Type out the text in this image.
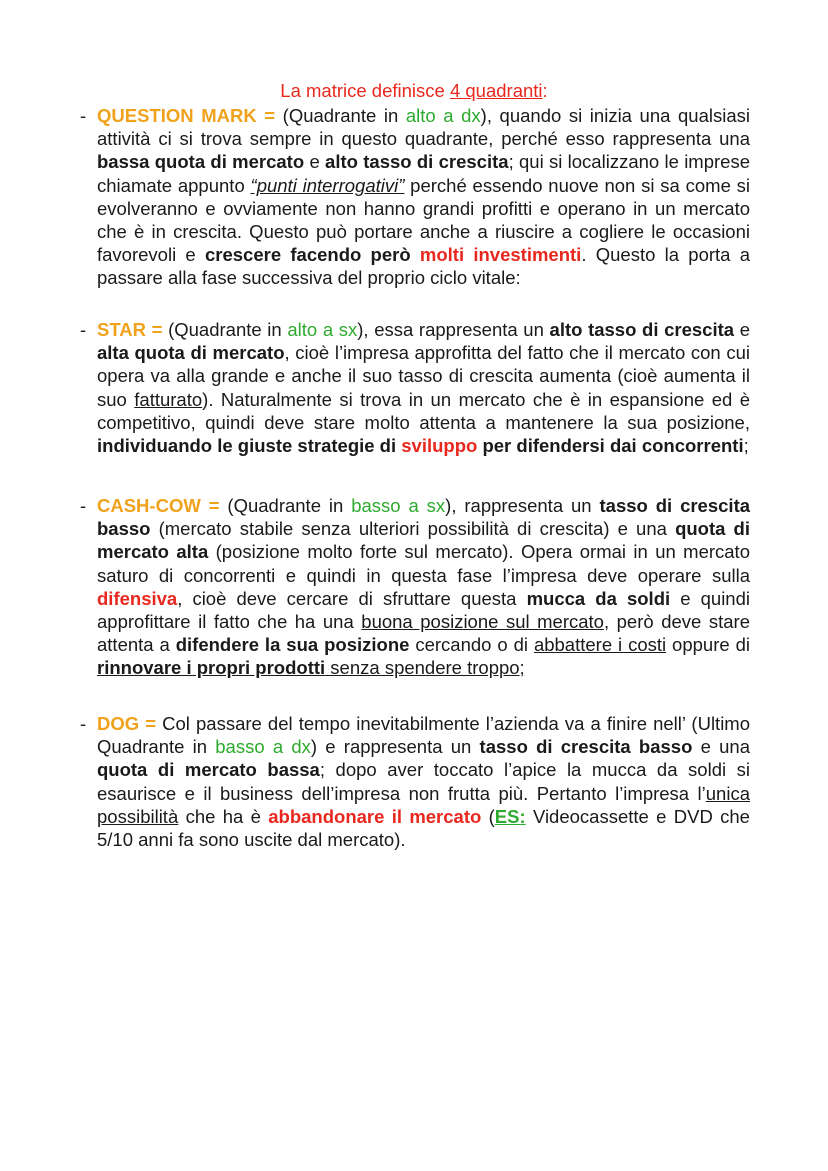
La matrice definisce 4 quadranti:
- QUESTION MARK = (Quadrante in alto a dx), quando si inizia una qualsiasi attività ci si trova sempre in questo quadrante, perché esso rappresenta una bassa quota di mercato e alto tasso di crescita; qui si localizzano le imprese chiamate appunto “punti interrogativi” perché essendo nuove non si sa come si evolveranno e ovviamente non hanno grandi profitti e operano in un mercato che è in crescita. Questo può portare anche a riuscire a cogliere le occasioni favorevoli e crescere facendo però molti investimenti. Questo la porta a passare alla fase successiva del proprio ciclo vitale:
- STAR = (Quadrante in alto a sx), essa rappresenta un alto tasso di crescita e alta quota di mercato, cioè l’impresa approfitta del fatto che il mercato con cui opera va alla grande e anche il suo tasso di crescita aumenta (cioè aumenta il suo fatturato). Naturalmente si trova in un mercato che è in espansione ed è competitivo, quindi deve stare molto attenta a mantenere la sua posizione, individuando le giuste strategie di sviluppo per difendersi dai concorrenti;
- CASH-COW = (Quadrante in basso a sx), rappresenta un tasso di crescita basso (mercato stabile senza ulteriori possibilità di crescita) e una quota di mercato alta (posizione molto forte sul mercato). Opera ormai in un mercato saturo di concorrenti e quindi in questa fase l’impresa deve operare sulla difensiva, cioè deve cercare di sfruttare questa mucca da soldi e quindi approfittare il fatto che ha una buona posizione sul mercato, però deve stare attenta a difendere la sua posizione cercando o di abbattere i costi oppure di rinnovare i propri prodotti senza spendere troppo;
- DOG = Col passare del tempo inevitabilmente l’azienda va a finire nell’ (Ultimo Quadrante in basso a dx) e rappresenta un tasso di crescita basso e una quota di mercato bassa; dopo aver toccato l’apice la mucca da soldi si esaurisce e il business dell’impresa non frutta più. Pertanto l’impresa l’unica possibilità che ha è abbandonare il mercato (ES: Videocassette e DVD che 5/10 anni fa sono uscite dal mercato).
